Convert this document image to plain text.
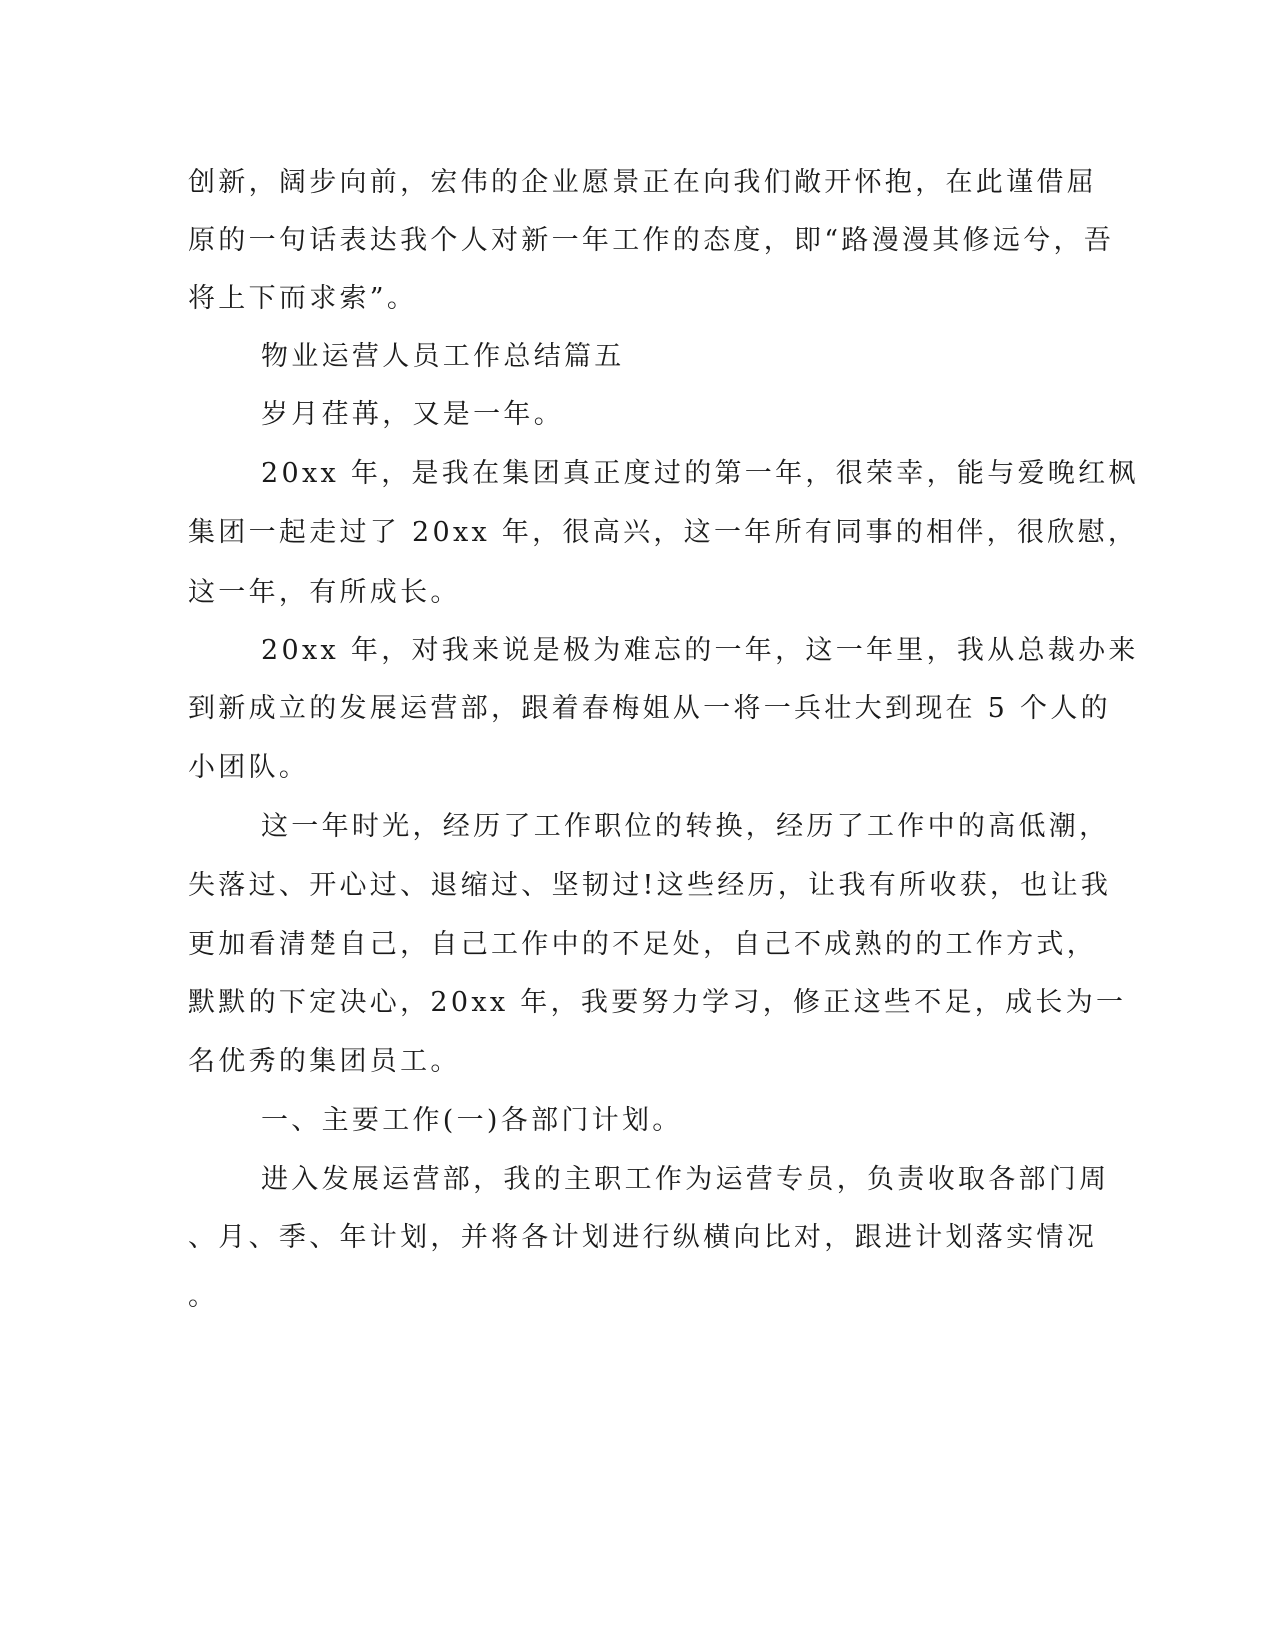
创新，阔步向前，宏伟的企业愿景正在向我们敞开怀抱，在此谨借屈
原的一句话表达我个人对新一年工作的态度，即“路漫漫其修远兮，吾
将上下而求索”。
物业运营人员工作总结篇五
岁月荏苒，又是一年。
20xx 年，是我在集团真正度过的第一年，很荣幸，能与爱晚红枫
集团一起走过了 20xx 年，很高兴，这一年所有同事的相伴，很欣慰，
这一年，有所成长。
20xx 年，对我来说是极为难忘的一年，这一年里，我从总裁办来
到新成立的发展运营部，跟着春梅姐从一将一兵壮大到现在 5 个人的
小团队。
这一年时光，经历了工作职位的转换，经历了工作中的高低潮，
失落过、开心过、退缩过、坚韧过!这些经历，让我有所收获，也让我
更加看清楚自己，自己工作中的不足处，自己不成熟的的工作方式，
默默的下定决心，20xx 年，我要努力学习，修正这些不足，成长为一
名优秀的集团员工。
一、主要工作(一)各部门计划。
进入发展运营部，我的主职工作为运营专员，负责收取各部门周
、月、季、年计划，并将各计划进行纵横向比对，跟进计划落实情况
。
